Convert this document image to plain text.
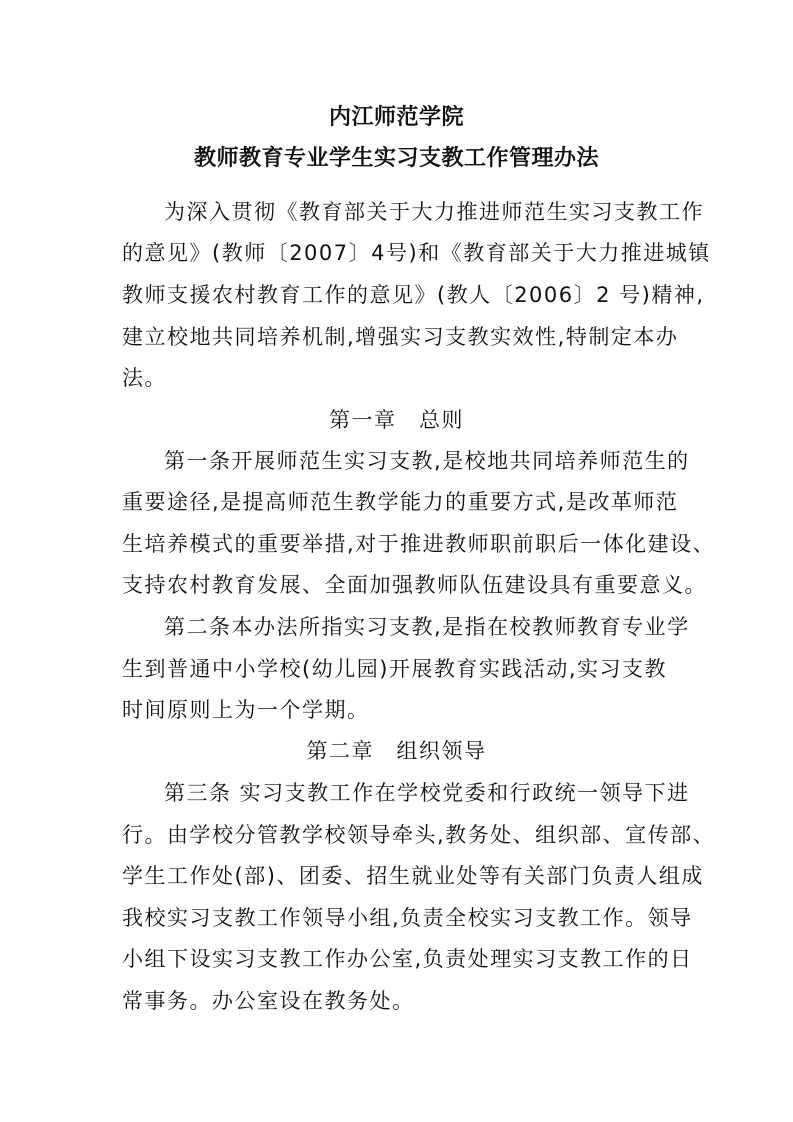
内江师范学院
教师教育专业学生实习支教工作管理办法
为深入贯彻《教育部关于大力推进师范生实习支教工作
的意见》(教师〔2007〕4号)和《教育部关于大力推进城镇
教师支援农村教育工作的意见》(教人〔2006〕2 号)精神,
建立校地共同培养机制,增强实习支教实效性,特制定本办
法。
第一章　总则
第一条开展师范生实习支教,是校地共同培养师范生的
重要途径,是提高师范生教学能力的重要方式,是改革师范
生培养模式的重要举措,对于推进教师职前职后一体化建设、
支持农村教育发展、全面加强教师队伍建设具有重要意义。
第二条本办法所指实习支教,是指在校教师教育专业学
生到普通中小学校(幼儿园)开展教育实践活动,实习支教
时间原则上为一个学期。
第二章　组织领导
第三条 实习支教工作在学校党委和行政统一领导下进
行。由学校分管教学校领导牵头,教务处、组织部、宣传部、
学生工作处(部)、团委、招生就业处等有关部门负责人组成
我校实习支教工作领导小组,负责全校实习支教工作。领导
小组下设实习支教工作办公室,负责处理实习支教工作的日
常事务。办公室设在教务处。
